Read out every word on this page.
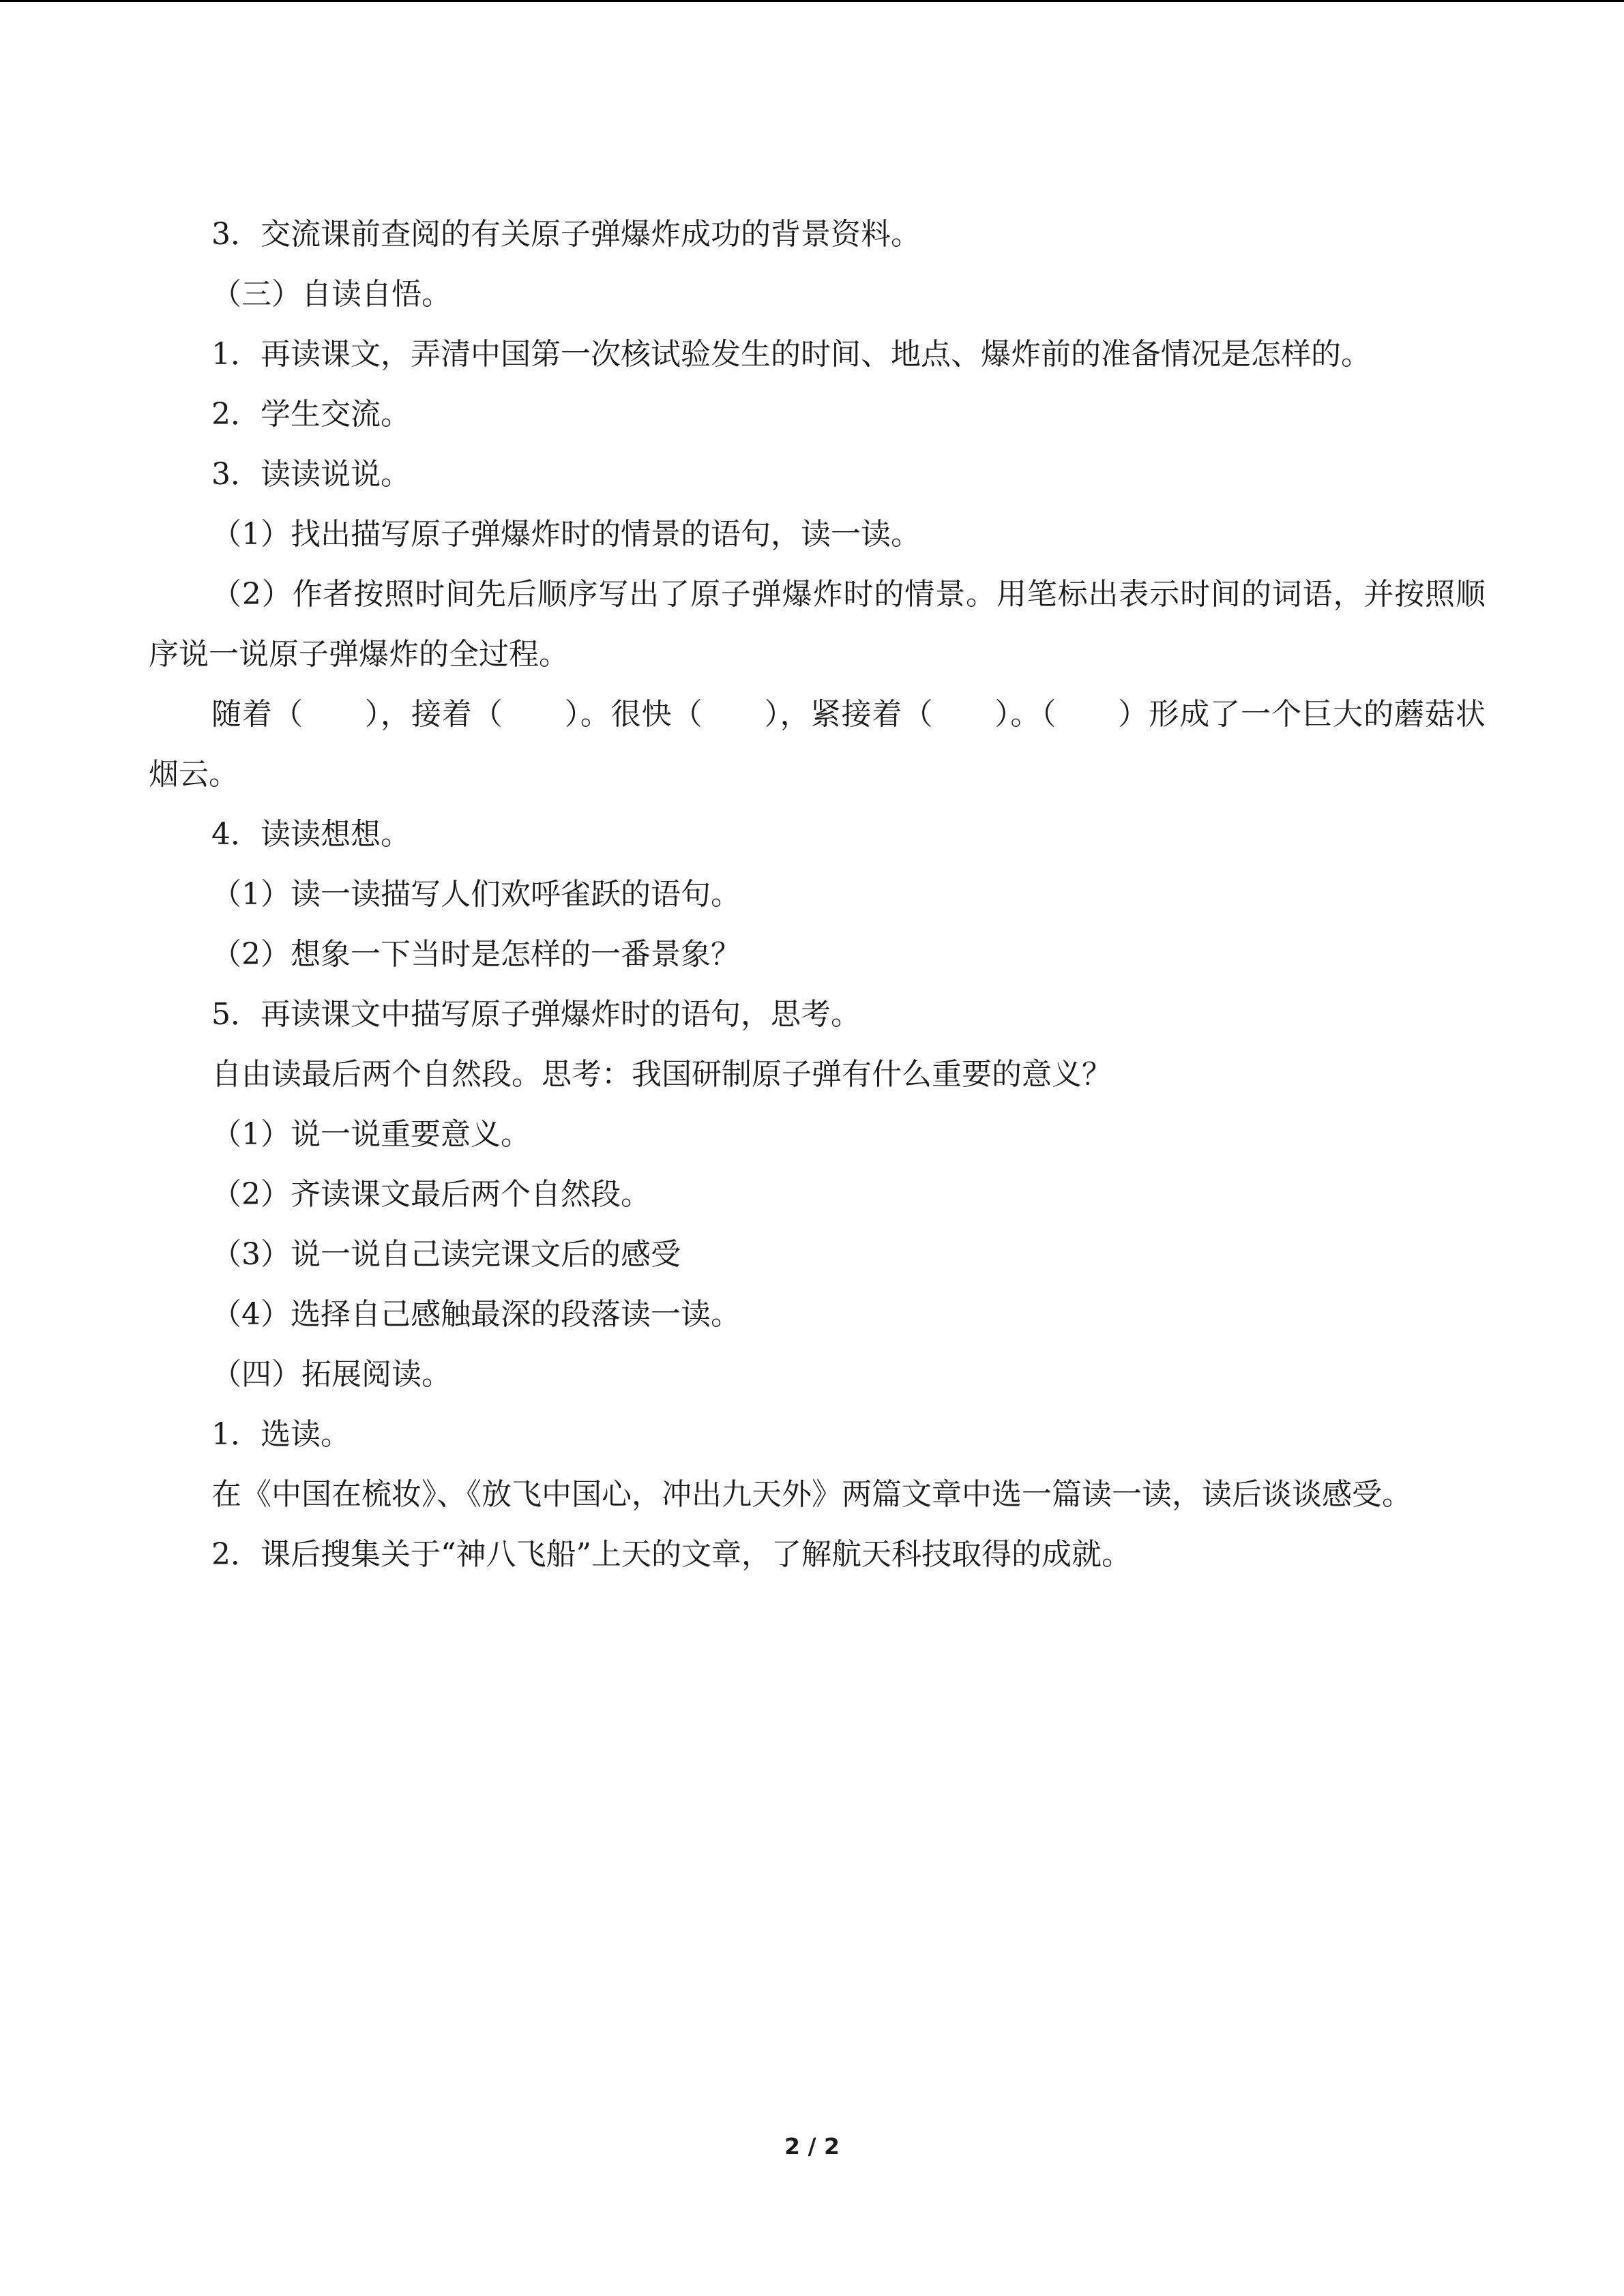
3．交流课前查阅的有关原子弹爆炸成功的背景资料。

（三）自读自悟。

1．再读课文，弄清中国第一次核试验发生的时间、地点、爆炸前的准备情况是怎样的。

2．学生交流。

3．读读说说。

（1）找出描写原子弹爆炸时的情景的语句，读一读。

（2）作者按照时间先后顺序写出了原子弹爆炸时的情景。用笔标出表示时间的词语，并按照顺序说一说原子弹爆炸的全过程。

随着（　　），接着（　　）。很快（　　），紧接着（　　）。（　　）形成了一个巨大的蘑菇状烟云。

4．读读想想。

（1）读一读描写人们欢呼雀跃的语句。

（2）想象一下当时是怎样的一番景象？

5．再读课文中描写原子弹爆炸时的语句，思考。

自由读最后两个自然段。思考：我国研制原子弹有什么重要的意义？

（1）说一说重要意义。

（2）齐读课文最后两个自然段。

（3）说一说自己读完课文后的感受

（4）选择自己感触最深的段落读一读。

（四）拓展阅读。

1．选读。

在《中国在梳妆》、《放飞中国心，冲出九天外》两篇文章中选一篇读一读，读后谈谈感受。

2．课后搜集关于“神八飞船”上天的文章，了解航天科技取得的成就。

2 / 2
